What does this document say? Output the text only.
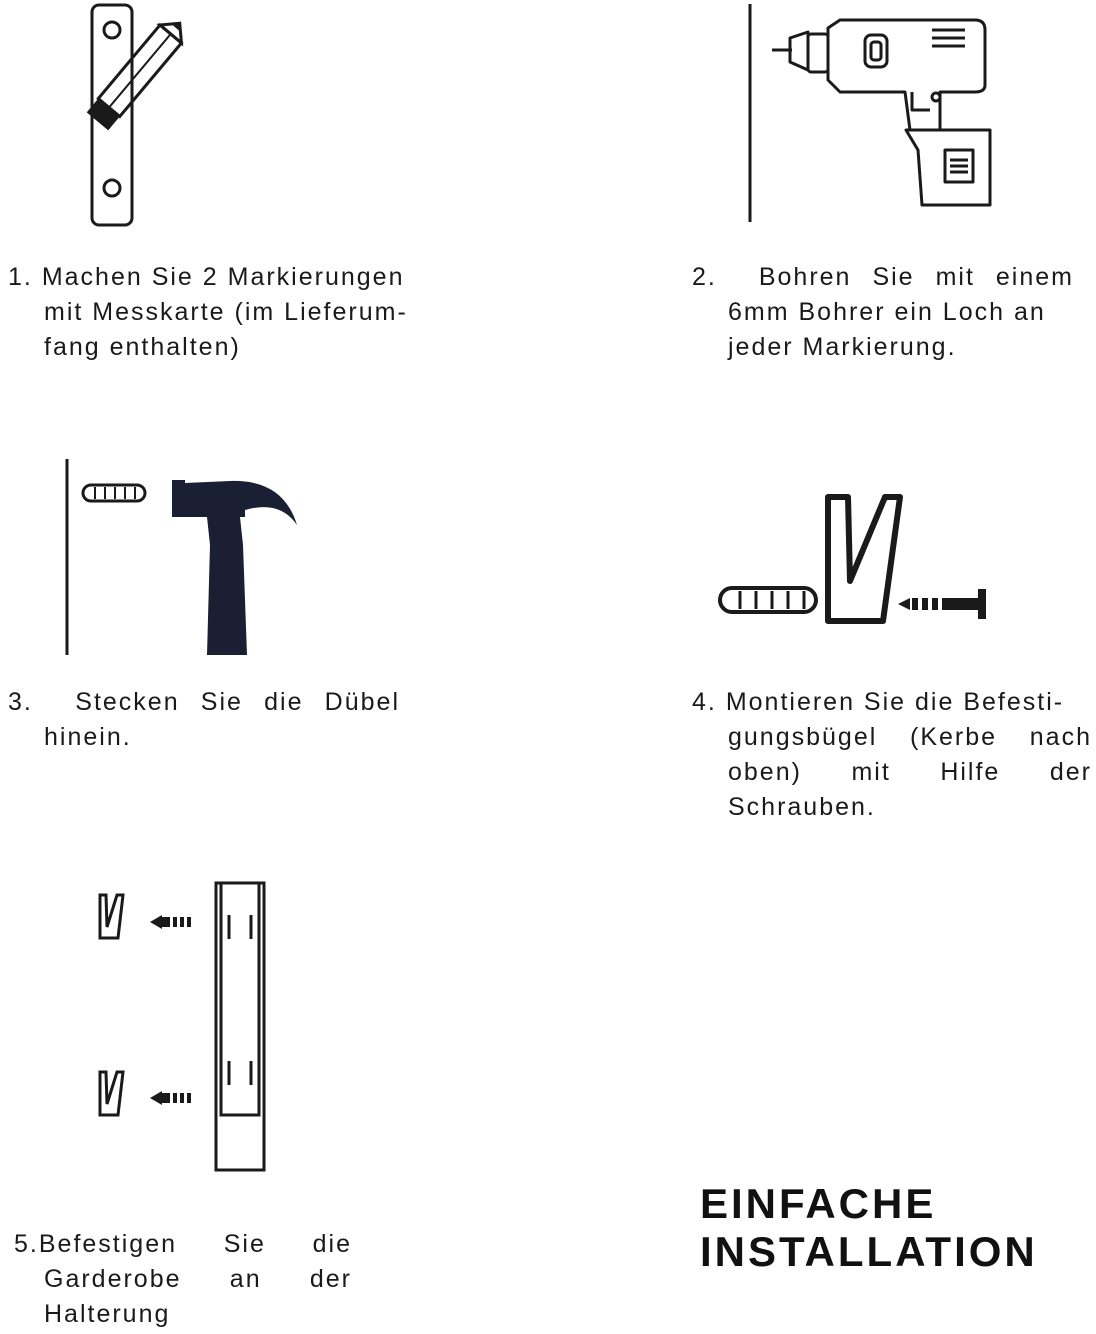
1. Machen Sie 2 Markierungen
mit Messkarte (im Lieferum-
fang enthalten)
2. Bohren Sie mit einem
6mm Bohrer ein Loch an
jeder Markierung.
3. Stecken Sie die Dübel
hinein.
4. Montieren Sie die Befesti-
gungsbügel (Kerbe nach
oben) mit Hilfe der
Schrauben.
5.Befestigen Sie die
Garderobe an der
Halterung
EINFACHE
INSTALLATION
